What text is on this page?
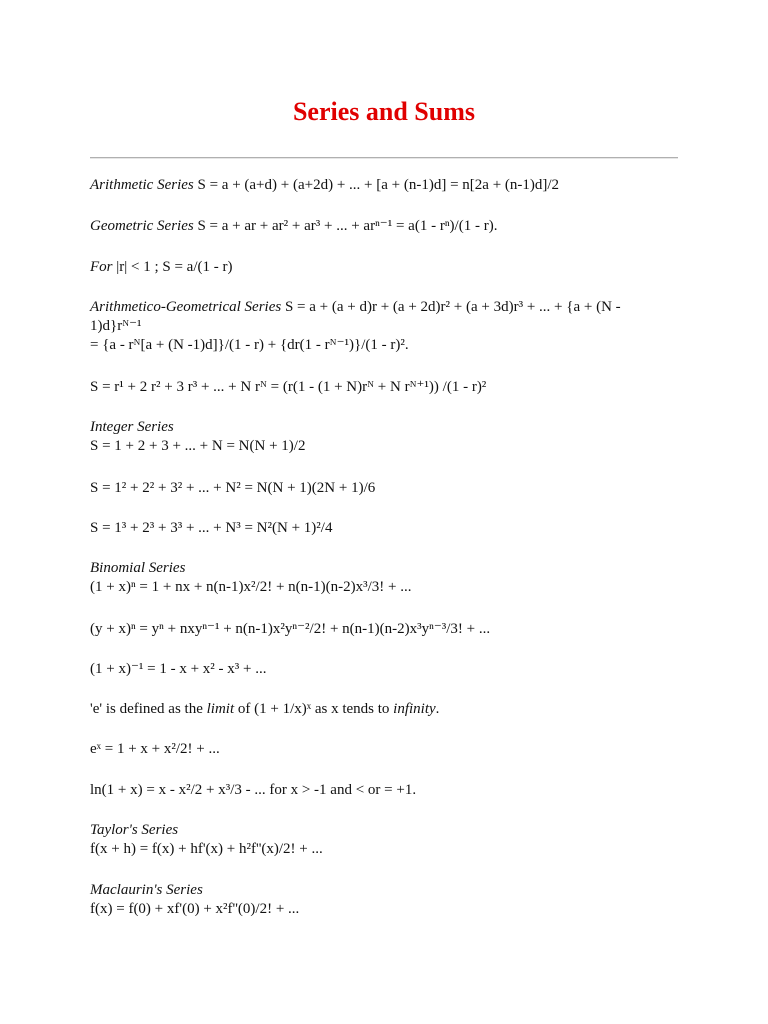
Series and Sums

Arithmetic Series S = a + (a+d) + (a+2d) + ... + [a + (n-1)d] = n[2a + (n-1)d]/2

Geometric Series S = a + ar + ar² + ar³ + ... + arⁿ⁻¹ = a(1 - rⁿ)/(1 - r).

For |r| < 1 ; S = a/(1 - r)

Arithmetico-Geometrical Series S = a + (a + d)r + (a + 2d)r² + (a + 3d)r³ + ... + {a + (N - 1)d}rᴺ⁻¹
= {a - rᴺ[a + (N -1)d]}/(1 - r) + {dr(1 - rᴺ⁻¹)}/(1 - r)².

S = r¹ + 2 r² + 3 r³ + ... + N rᴺ = (r(1 - (1 + N)rᴺ + N rᴺ⁺¹)) /(1 - r)²

Integer Series
S = 1 + 2 + 3 + ... + N = N(N + 1)/2

S = 1² + 2² + 3² + ... + N² = N(N + 1)(2N + 1)/6

S = 1³ + 2³ + 3³ + ... + N³ = N²(N + 1)²/4

Binomial Series
(1 + x)ⁿ = 1 + nx + n(n-1)x²/2! + n(n-1)(n-2)x³/3! + ...

(y + x)ⁿ = yⁿ + nxyⁿ⁻¹ + n(n-1)x²yⁿ⁻²/2! + n(n-1)(n-2)x³yⁿ⁻³/3! + ...

(1 + x)⁻¹ = 1 - x + x² - x³ + ...

'e' is defined as the limit of (1 + 1/x)ˣ as x tends to infinity.

eˣ = 1 + x + x²/2! + ...

ln(1 + x) = x - x²/2 + x³/3 - ... for x > -1 and < or = +1.

Taylor's Series
f(x + h) = f(x) + hf'(x) + h²f''(x)/2! + ...

Maclaurin's Series
f(x) = f(0) + xf'(0) + x²f''(0)/2! + ...
